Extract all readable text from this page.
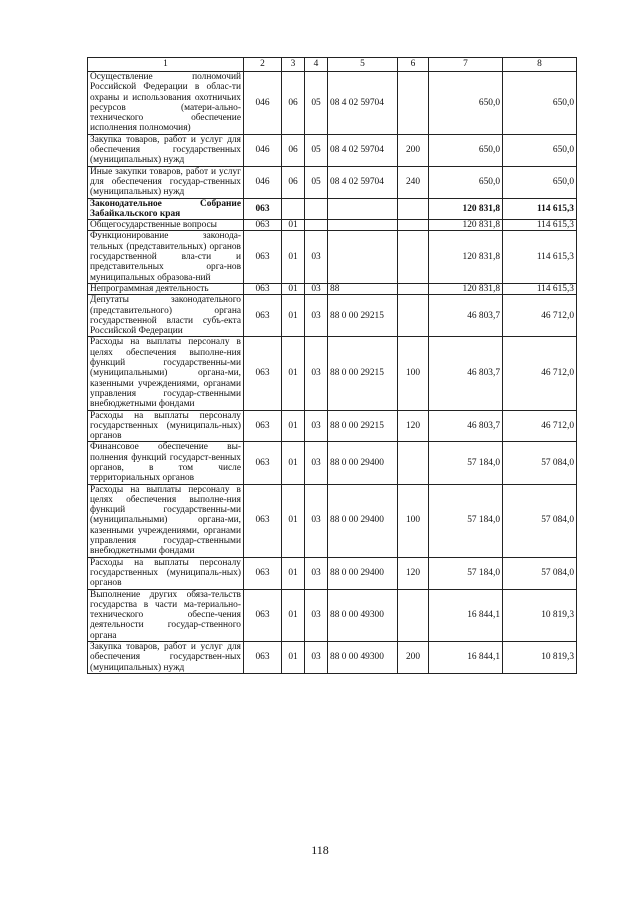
1	2	3	4	5	6	7	8
Осуществление полномочий Российской Федерации в облас-ти охраны и использования охотничьих ресурсов (матери-ально-технического обеспечение исполнения полномочия)	046	06	05	08 4 02 59704		650,0	650,0
Закупка товаров, работ и услуг для обеспечения государственных (муниципальных) нужд	046	06	05	08 4 02 59704	200	650,0	650,0
Иные закупки товаров, работ и услуг для обеспечения государ-ственных (муниципальных) нужд	046	06	05	08 4 02 59704	240	650,0	650,0
Законодательное Собрание Забайкальского края	063					120 831,8	114 615,3
Общегосударственные вопросы	063	01				120 831,8	114 615,3
Функционирование законода-тельных (представительных) органов государственной вла-сти и представительных орга-нов муниципальных образова-ний	063	01	03			120 831,8	114 615,3
Непрограммная деятельность	063	01	03	88		120 831,8	114 615,3
Депутаты законодательного (представительного) органа государственной власти субъ-екта Российской Федерации	063	01	03	88 0 00 29215		46 803,7	46 712,0
Расходы на выплаты персоналу в целях обеспечения выполне-ния функций государственны-ми (муниципальными) органа-ми, казенными учреждениями, органами управления государ-ственными внебюджетными фондами	063	01	03	88 0 00 29215	100	46 803,7	46 712,0
Расходы на выплаты персоналу государственных (муниципаль-ных) органов	063	01	03	88 0 00 29215	120	46 803,7	46 712,0
Финансовое обеспечение вы-полнения функций государст-венных органов, в том числе территориальных органов	063	01	03	88 0 00 29400		57 184,0	57 084,0
Расходы на выплаты персоналу в целях обеспечения выполне-ния функций государственны-ми (муниципальными) органа-ми, казенными учреждениями, органами управления государ-ственными внебюджетными фондами	063	01	03	88 0 00 29400	100	57 184,0	57 084,0
Расходы на выплаты персоналу государственных (муниципаль-ных) органов	063	01	03	88 0 00 29400	120	57 184,0	57 084,0
Выполнение других обяза-тельств государства в части ма-териально-технического обеспе-чения деятельности государ-ственного органа	063	01	03	88 0 00 49300		16 844,1	10 819,3
Закупка товаров, работ и услуг для обеспечения государствен-ных (муниципальных) нужд	063	01	03	88 0 00 49300	200	16 844,1	10 819,3
118
